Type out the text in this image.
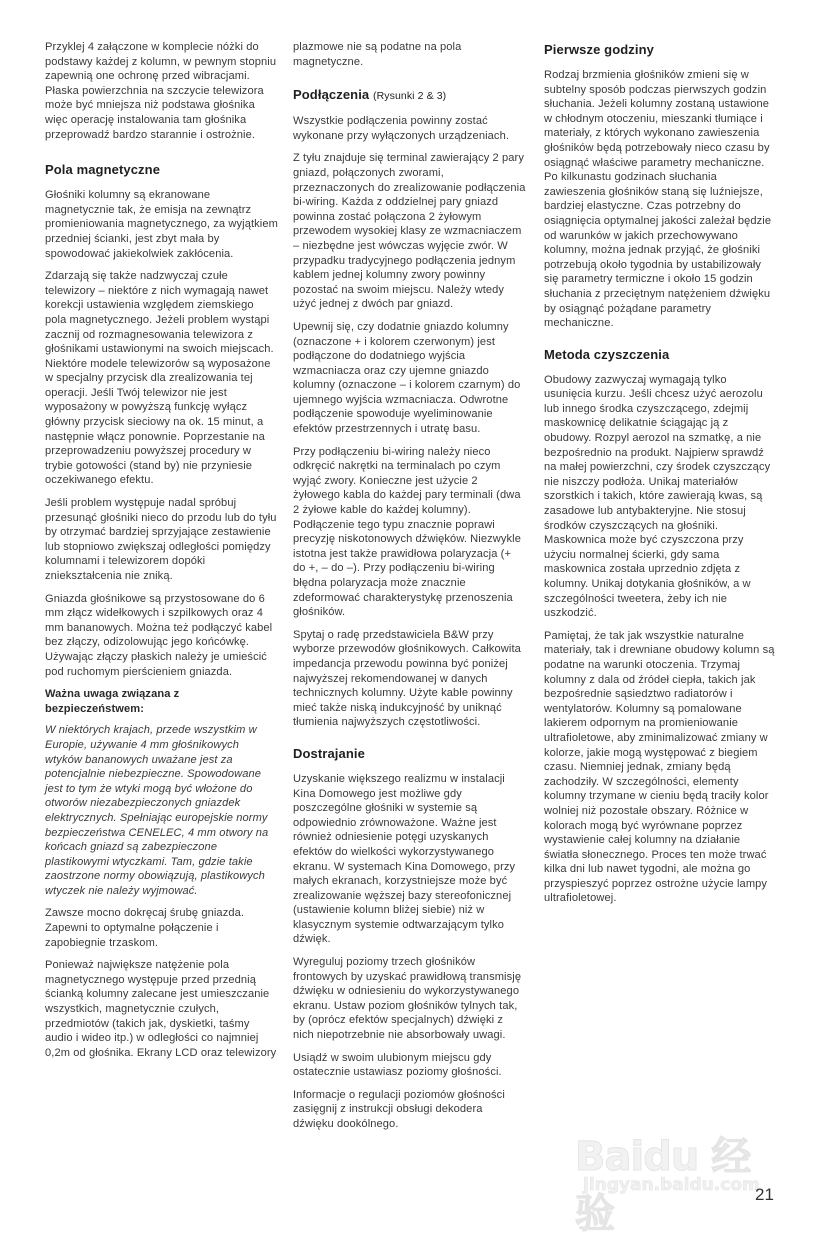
Przyklej 4 załączone w komplecie nóżki do podstawy każdej z kolumn, w pewnym stopniu zapewnią one ochronę przed wibracjami. Płaska powierzchnia na szczycie telewizora może być mniejsza niż podstawa głośnika więc operację instalowania tam głośnika przeprowadź bardzo starannie i ostrożnie.

Pola magnetyczne

Głośniki kolumny są ekranowane magnetycznie tak, że emisja na zewnątrz promieniowania magnetycznego, za wyjątkiem przedniej ścianki, jest zbyt mała by spowodować jakiekolwiek zakłócenia.

Zdarzają się także nadzwyczaj czułe telewizory – niektóre z nich wymagają nawet korekcji ustawienia względem ziemskiego pola magnetycznego. Jeżeli problem wystąpi zacznij od rozmagnesowania telewizora z głośnikami ustawionymi na swoich miejscach. Niektóre modele telewizorów są wyposażone w specjalny przycisk dla zrealizowania tej operacji. Jeśli Twój telewizor nie jest wyposażony w powyższą funkcję wyłącz główny przycisk sieciowy na ok. 15 minut, a następnie włącz ponownie. Poprzestanie na przeprowadzeniu powyższej procedury w trybie gotowości (stand by) nie przyniesie oczekiwanego efektu.

Jeśli problem występuje nadal spróbuj przesunąć głośniki nieco do przodu lub do tyłu by otrzymać bardziej sprzyjające zestawienie lub stopniowo zwiększaj odległości pomiędzy kolumnami i telewizorem dopóki zniekształcenia nie zniką.

Gniazda głośnikowe są przystosowane do 6 mm złącz widełkowych i szpilkowych oraz 4 mm bananowych. Można też podłączyć kabel bez złączy, odizolowując jego końcówkę. Używając złączy płaskich należy je umieścić pod ruchomym pierścieniem gniazda.

Ważna uwaga związana z bezpieczeństwem:

W niektórych krajach, przede wszystkim w Europie, używanie 4 mm głośnikowych wtyków bananowych uważane jest za potencjalnie niebezpieczne. Spowodowane jest to tym że wtyki mogą być włożone do otworów niezabezpieczonych gniazdek elektrycznych. Spełniając europejskie normy bezpieczeństwa CENELEC, 4 mm otwory na końcach gniazd są zabezpieczone plastikowymi wtyczkami. Tam, gdzie takie zaostrzone normy obowiązują, plastikowych wtyczek nie należy wyjmować.

Zawsze mocno dokręcaj śrubę gniazda. Zapewni to optymalne połączenie i zapobiegnie trzaskom.

Ponieważ największe natężenie pola magnetycznego występuje przed przednią ścianką kolumny zalecane jest umieszczanie wszystkich, magnetycznie czułych, przedmiotów (takich jak, dyskietki, taśmy audio i wideo itp.) w odległości co najmniej 0,2m od głośnika. Ekrany LCD oraz telewizory

plazmowe nie są podatne na pola magnetyczne.

Podłączenia (Rysunki 2 & 3)

Wszystkie podłączenia powinny zostać wykonane przy wyłączonych urządzeniach.

Z tyłu znajduje się terminal zawierający 2 pary gniazd, połączonych zworami, przeznaczonych do zrealizowanie podłączenia bi-wiring. Każda z oddzielnej pary gniazd powinna zostać połączona 2 żyłowym przewodem wysokiej klasy ze wzmacniaczem – niezbędne jest wówczas wyjęcie zwór. W przypadku tradycyjnego podłączenia jednym kablem jednej kolumny zwory powinny pozostać na swoim miejscu. Należy wtedy użyć jednej z dwóch par gniazd.

Upewnij się, czy dodatnie gniazdo kolumny (oznaczone + i kolorem czerwonym) jest podłączone do dodatniego wyjścia wzmacniacza oraz czy ujemne gniazdo kolumny (oznaczone – i kolorem czarnym) do ujemnego wyjścia wzmacniacza. Odwrotne podłączenie spowoduje wyeliminowanie efektów przestrzennych i utratę basu.

Przy podłączeniu bi-wiring należy nieco odkręcić nakrętki na terminalach po czym wyjąć zwory. Konieczne jest użycie 2 żyłowego kabla do każdej pary terminali (dwa 2 żyłowe kable do każdej kolumny). Podłączenie tego typu znacznie poprawi precyzję niskotonowych dźwięków. Niezwykle istotna jest także prawidłowa polaryzacja (+ do +, – do –). Przy podłączeniu bi-wiring błędna polaryzacja może znacznie zdeformować charakterystykę przenoszenia głośników.

Spytaj o radę przedstawiciela B&W przy wyborze przewodów głośnikowych. Całkowita impedancja przewodu powinna być poniżej najwyższej rekomendowanej w danych technicznych kolumny. Użyte kable powinny mieć także niską indukcyjność by uniknąć tłumienia najwyższych częstotliwości.

Dostrajanie

Uzyskanie większego realizmu w instalacji Kina Domowego jest możliwe gdy poszczególne głośniki w systemie są odpowiednio zrównoważone. Ważne jest również odniesienie potęgi uzyskanych efektów do wielkości wykorzystywanego ekranu. W systemach Kina Domowego, przy małych ekranach, korzystniejsze może być zrealizowanie węższej bazy stereofonicznej (ustawienie kolumn bliżej siebie) niż w klasycznym systemie odtwarzającym tylko dźwięk.

Wyreguluj poziomy trzech głośników frontowych by uzyskać prawidłową transmisję dźwięku w odniesieniu do wykorzystywanego ekranu. Ustaw poziom głośników tylnych tak, by (oprócz efektów specjalnych) dźwięki z nich niepotrzebnie nie absorbowały uwagi.

Usiądź w swoim ulubionym miejscu gdy ostatecznie ustawiasz poziomy głośności.

Informacje o regulacji poziomów głośności zasięgnij z instrukcji obsługi dekodera dźwięku dookólnego.

Pierwsze godziny

Rodzaj brzmienia głośników zmieni się w subtelny sposób podczas pierwszych godzin słuchania. Jeżeli kolumny zostaną ustawione w chłodnym otoczeniu, mieszanki tłumiące i materiały, z których wykonano zawieszenia głośników będą potrzebowały nieco czasu by osiągnąć właściwe parametry mechaniczne. Po kilkunastu godzinach słuchania zawieszenia głośników staną się luźniejsze, bardziej elastyczne. Czas potrzebny do osiągnięcia optymalnej jakości zależał będzie od warunków w jakich przechowywano kolumny, można jednak przyjąć, że głośniki potrzebują około tygodnia by ustabilizowały się parametry termiczne i około 15 godzin słuchania z przeciętnym natężeniem dźwięku by osiągnąć pożądane parametry mechaniczne.

Metoda czyszczenia

Obudowy zazwyczaj wymagają tylko usunięcia kurzu. Jeśli chcesz użyć aerozolu lub innego środka czyszczącego, zdejmij maskownicę delikatnie ściągając ją z obudowy. Rozpyl aerozol na szmatkę, a nie bezpośrednio na produkt. Najpierw sprawdź na małej powierzchni, czy środek czyszczący nie niszczy podłoża. Unikaj materiałów szorstkich i takich, które zawierają kwas, są zasadowe lub antybakteryjne. Nie stosuj środków czyszczących na głośniki. Maskownica może być czyszczona przy użyciu normalnej ścierki, gdy sama maskownica została uprzednio zdjęta z kolumny. Unikaj dotykania głośników, a w szczególności tweetera, żeby ich nie uszkodzić.

Pamiętaj, że tak jak wszystkie naturalne materiały, tak i drewniane obudowy kolumn są podatne na warunki otoczenia. Trzymaj kolumny z dala od źródeł ciepła, takich jak bezpośrednie sąsiedztwo radiatorów i wentylatorów. Kolumny są pomalowane lakierem odpornym na promieniowanie ultrafioletowe, aby zminimalizować zmiany w kolorze, jakie mogą występować z biegiem czasu. Niemniej jednak, zmiany będą zachodziły. W szczególności, elementy kolumny trzymane w cieniu będą traciły kolor wolniej niż pozostałe obszary. Różnice w kolorach mogą być wyrównane poprzez wystawienie całej kolumny na działanie światła słonecznego. Proces ten może trwać kilka dni lub nawet tygodni, ale można go przyspieszyć poprzez ostrożne użycie lampy ultrafioletowej.

Baidu 经验
jingyan.baidu.com
21
